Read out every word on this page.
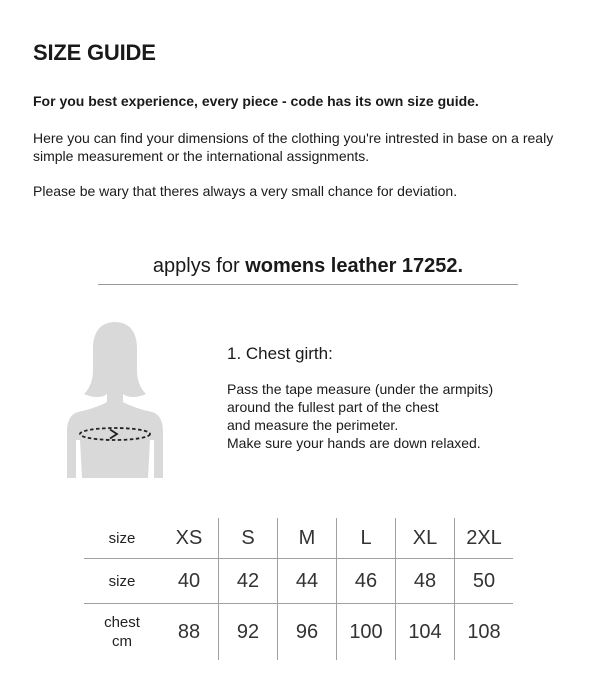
SIZE GUIDE

For you best experience, every piece - code has its own size guide.

Here you can find your dimensions of the clothing you're intrested in base on a realy simple measurement or the international assignments.

Please be wary that theres always a very small chance for deviation.

applys for womens leather 17252.

1. Chest girth:

Pass the tape measure (under the armpits)
around the fullest part of the chest
and measure the perimeter.
Make sure your hands are down relaxed.

size	XS	S	M	L	XL	2XL
size	40	42	44	46	48	50
chest
cm	88	92	96	100	104	108
